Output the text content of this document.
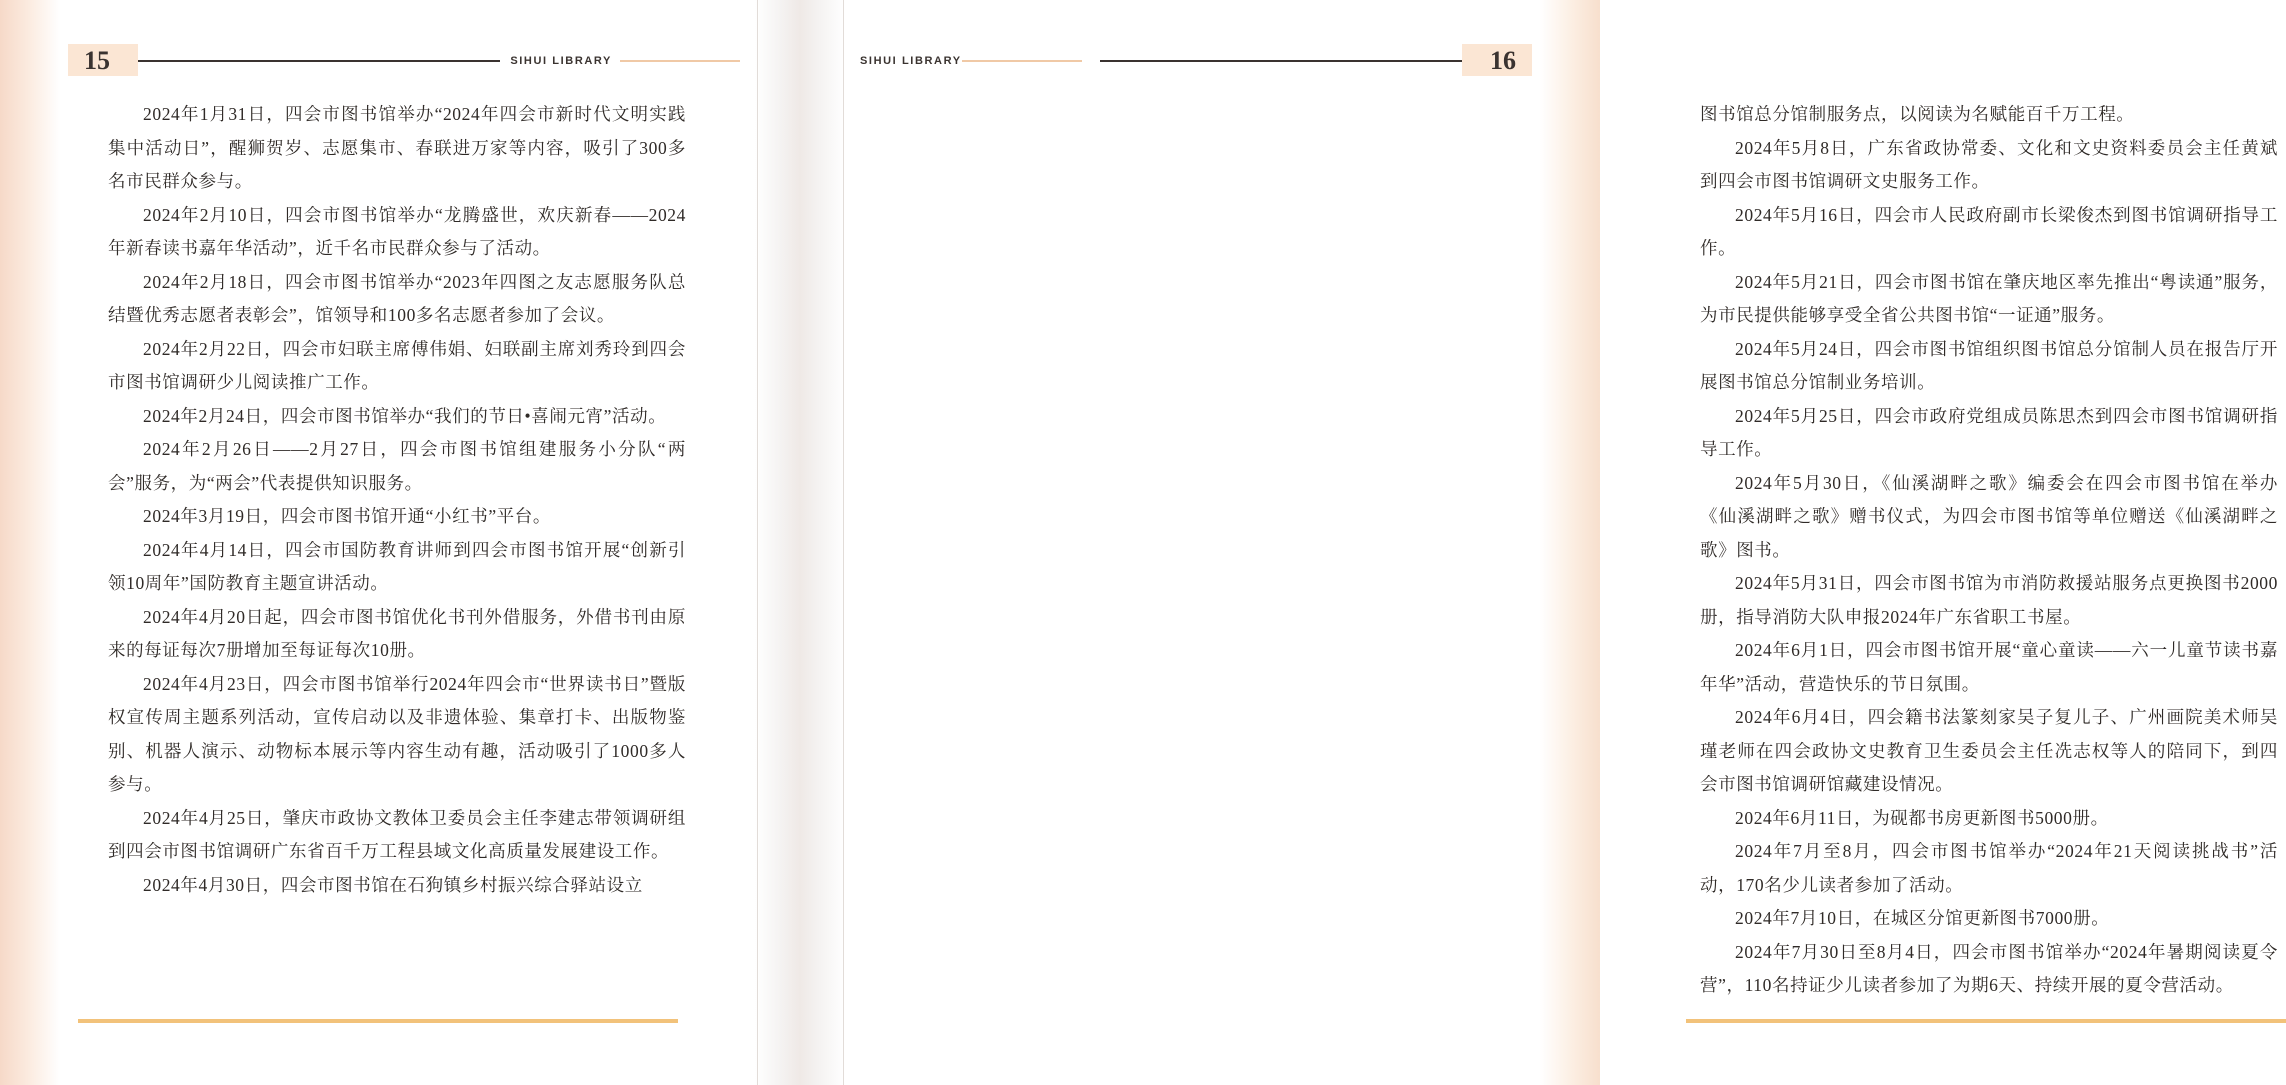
15	SIHUI LIBRARY

2024年1月31日，四会市图书馆举办“2024年四会市新时代文明实践集中活动日”，醒狮贺岁、志愿集市、春联进万家等内容，吸引了300多名市民群众参与。

2024年2月10日，四会市图书馆举办“龙腾盛世，欢庆新春——2024年新春读书嘉年华活动”，近千名市民群众参与了活动。

2024年2月18日，四会市图书馆举办“2023年四图之友志愿服务队总结暨优秀志愿者表彰会”，馆领导和100多名志愿者参加了会议。

2024年2月22日，四会市妇联主席傅伟娟、妇联副主席刘秀玲到四会市图书馆调研少儿阅读推广工作。

2024年2月24日，四会市图书馆举办“我们的节日•喜闹元宵”活动。

2024年2月26日——2月27日，四会市图书馆组建服务小分队“两会”服务，为“两会”代表提供知识服务。

2024年3月19日，四会市图书馆开通“小红书”平台。

2024年4月14日，四会市国防教育讲师到四会市图书馆开展“创新引领10周年”国防教育主题宣讲活动。

2024年4月20日起，四会市图书馆优化书刊外借服务，外借书刊由原来的每证每次7册增加至每证每次10册。

2024年4月23日，四会市图书馆举行2024年四会市“世界读书日”暨版权宣传周主题系列活动，宣传启动以及非遗体验、集章打卡、出版物鉴别、机器人演示、动物标本展示等内容生动有趣，活动吸引了1000多人参与。

2024年4月25日，肇庆市政协文教体卫委员会主任李建志带领调研组到四会市图书馆调研广东省百千万工程县域文化高质量发展建设工作。

2024年4月30日，四会市图书馆在石狗镇乡村振兴综合驿站设立

SIHUI LIBRARY	16

图书馆总分馆制服务点，以阅读为名赋能百千万工程。

2024年5月8日，广东省政协常委、文化和文史资料委员会主任黄斌到四会市图书馆调研文史服务工作。

2024年5月16日，四会市人民政府副市长梁俊杰到图书馆调研指导工作。

2024年5月21日，四会市图书馆在肇庆地区率先推出“粤读通”服务，为市民提供能够享受全省公共图书馆“一证通”服务。

2024年5月24日，四会市图书馆组织图书馆总分馆制人员在报告厅开展图书馆总分馆制业务培训。

2024年5月25日，四会市政府党组成员陈思杰到四会市图书馆调研指导工作。

2024年5月30日，《仙溪湖畔之歌》编委会在四会市图书馆在举办《仙溪湖畔之歌》赠书仪式，为四会市图书馆等单位赠送《仙溪湖畔之歌》图书。

2024年5月31日，四会市图书馆为市消防救援站服务点更换图书2000册，指导消防大队申报2024年广东省职工书屋。

2024年6月1日，四会市图书馆开展“童心童读——六一儿童节读书嘉年华”活动，营造快乐的节日氛围。

2024年6月4日，四会籍书法篆刻家吴子复儿子、广州画院美术师吴瑾老师在四会政协文史教育卫生委员会主任冼志权等人的陪同下，到四会市图书馆调研馆藏建设情况。

2024年6月11日，为砚都书房更新图书5000册。

2024年7月至8月，四会市图书馆举办“2024年21天阅读挑战书”活动，170名少儿读者参加了活动。

2024年7月10日，在城区分馆更新图书7000册。

2024年7月30日至8月4日，四会市图书馆举办“2024年暑期阅读夏令营”，110名持证少儿读者参加了为期6天、持续开展的夏令营活动。
